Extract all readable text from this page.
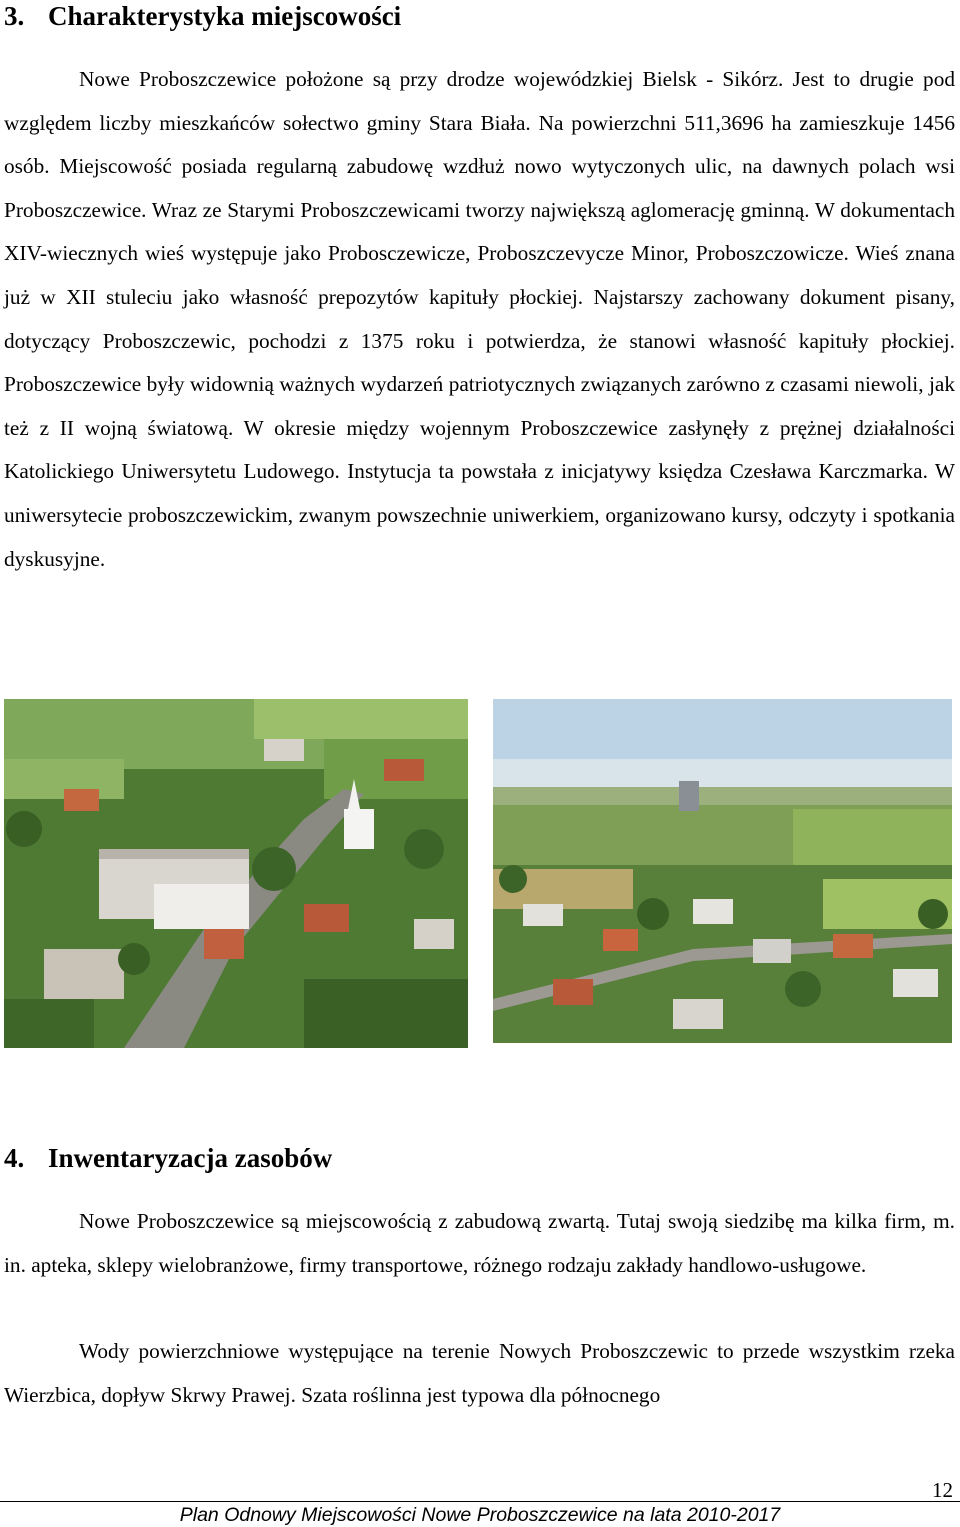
3. Charakterystyka miejscowości

Nowe Proboszczewice położone są przy drodze wojewódzkiej Bielsk - Sikórz. Jest to drugie pod względem liczby mieszkańców sołectwo gminy Stara Biała. Na powierzchni 511,3696 ha zamieszkuje 1456 osób. Miejscowość posiada regularną zabudowę wzdłuż nowo wytyczonych ulic, na dawnych polach wsi Proboszczewice. Wraz ze Starymi Proboszczewicami tworzy największą aglomerację gminną. W dokumentach XIV-wiecznych wieś występuje jako Probosczewicze, Proboszczevycze Minor, Proboszczowicze. Wieś znana już w XII stuleciu jako własność prepozytów kapituły płockiej. Najstarszy zachowany dokument pisany, dotyczący Proboszczewic, pochodzi z 1375 roku i potwierdza, że stanowi własność kapituły płockiej. Proboszczewice były widownią ważnych wydarzeń patriotycznych związanych zarówno z czasami niewoli, jak też z II wojną światową. W okresie między wojennym Proboszczewice zasłynęły z prężnej działalności Katolickiego Uniwersytetu Ludowego. Instytucja ta powstała z inicjatywy księdza Czesława Karczmarka. W uniwersytecie proboszczewickim, zwanym powszechnie uniwerkiem, organizowano kursy, odczyty i spotkania dyskusyjne.

4. Inwentaryzacja zasobów

Nowe Proboszczewice są miejscowością z zabudową zwartą. Tutaj swoją siedzibę ma kilka firm, m. in. apteka, sklepy wielobranżowe, firmy transportowe, różnego rodzaju zakłady handlowo-usługowe.

Wody powierzchniowe występujące na terenie Nowych Proboszczewic to przede wszystkim rzeka Wierzbica, dopływ Skrwy Prawej. Szata roślinna jest typowa dla północnego

12
Plan Odnowy Miejscowości Nowe Proboszczewice na lata 2010-2017
